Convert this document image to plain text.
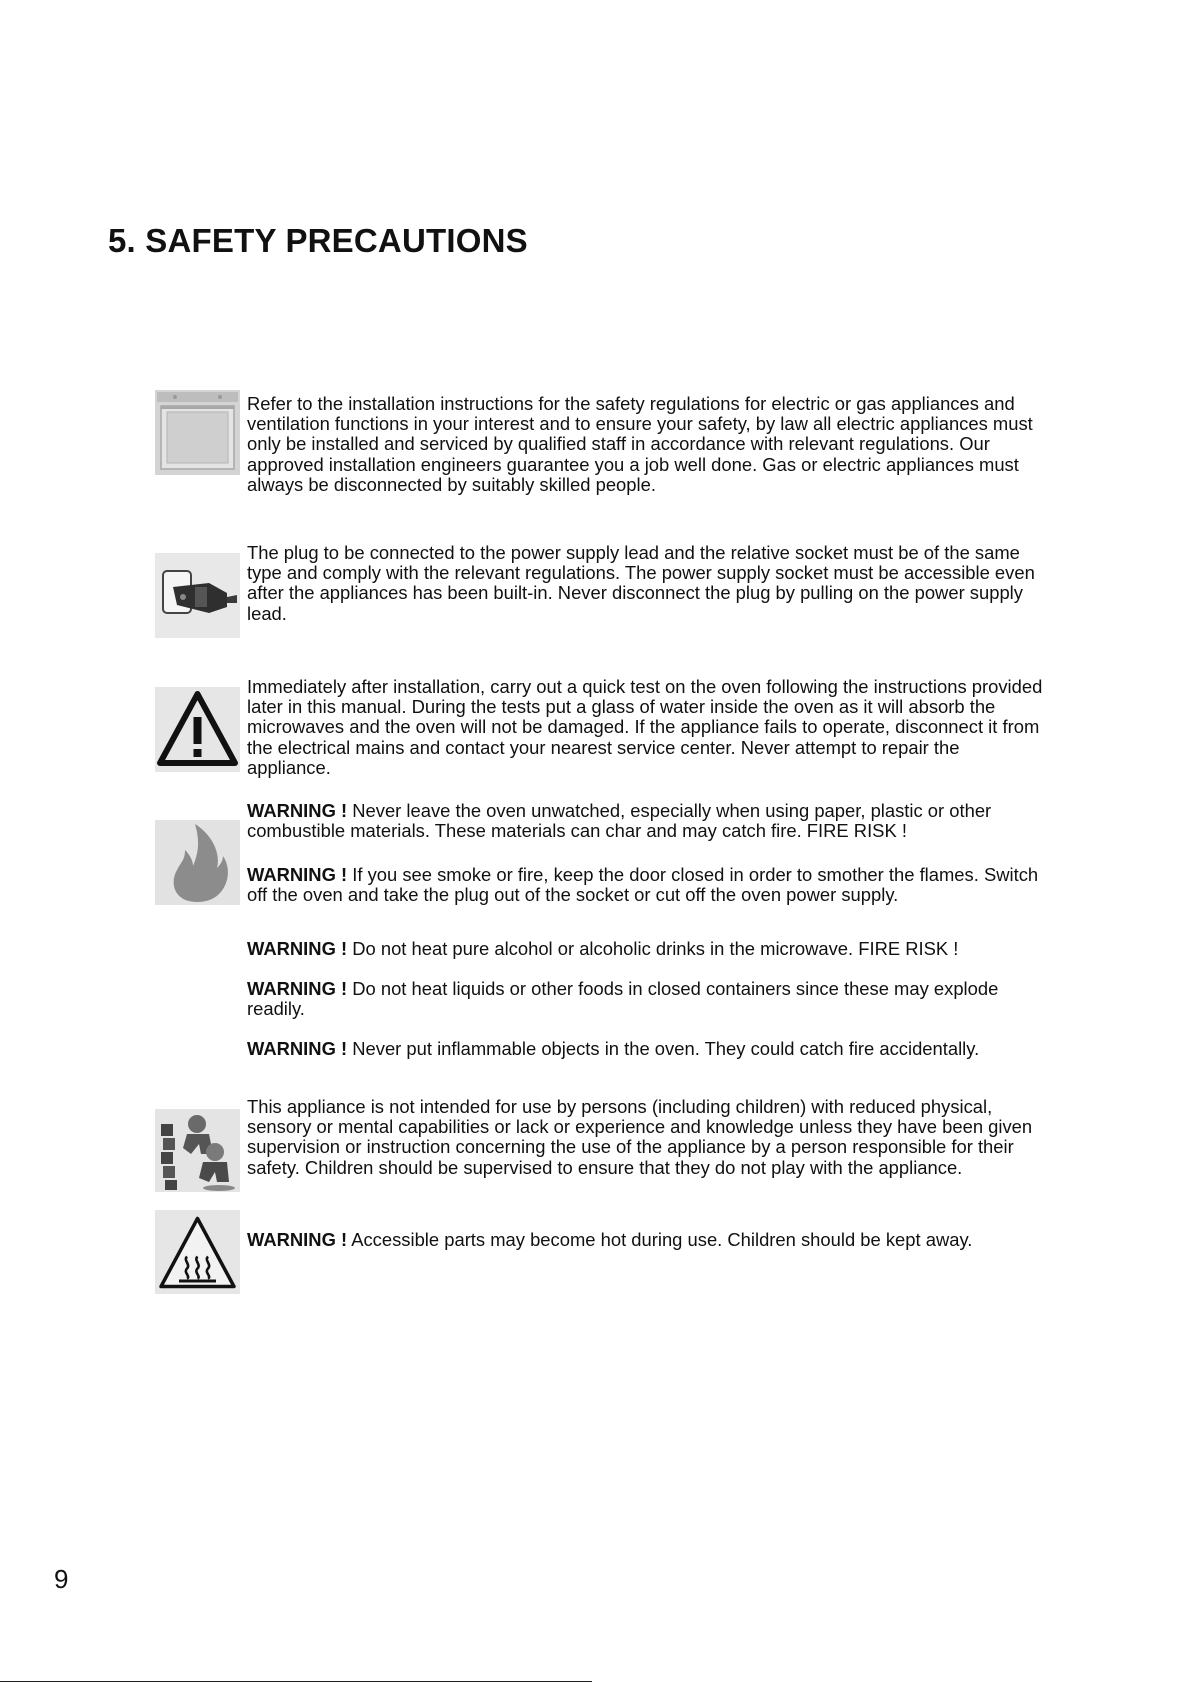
5. SAFETY PRECAUTIONS

Refer to the installation instructions for the safety regulations for electric or gas appliances and ventilation functions in your interest and to ensure your safety, by law all electric appliances must only be installed and serviced by qualified staff in accordance with relevant regulations. Our approved installation engineers guarantee you a job well done. Gas or electric appliances must always be disconnected by suitably skilled people.

The plug to be connected to the power supply lead and the relative socket must be of the same type and comply with the relevant regulations. The power supply socket must be accessible even after the appliances has been built-in. Never disconnect the plug by pulling on the power supply lead.

Immediately after installation, carry out a quick test on the oven following the instructions provided later in this manual. During the tests put a glass of water inside the oven as it will absorb the microwaves and the oven will not be damaged. If the appliance fails to operate, disconnect it from the electrical mains and contact your nearest service center. Never attempt to repair the appliance.

WARNING ! Never leave the oven unwatched, especially when using paper, plastic or other combustible materials. These materials can char and may catch fire. FIRE RISK !

WARNING ! If you see smoke or fire, keep the door closed in order to smother the flames. Switch off the oven and take the plug out of the socket or cut off the oven power supply.

WARNING ! Do not heat pure alcohol or alcoholic drinks in the microwave. FIRE RISK !

WARNING ! Do not heat liquids or other foods in closed containers since these may explode readily.

WARNING ! Never put inflammable objects in the oven. They could catch fire accidentally.

This appliance is not intended for use by persons (including children) with reduced physical, sensory or mental capabilities or lack or experience and knowledge unless they have been given supervision or instruction concerning the use of the appliance by a person responsible for their safety. Children should be supervised to ensure that they do not play with the appliance.

WARNING ! Accessible parts may become hot during use. Children should be kept away.

9
